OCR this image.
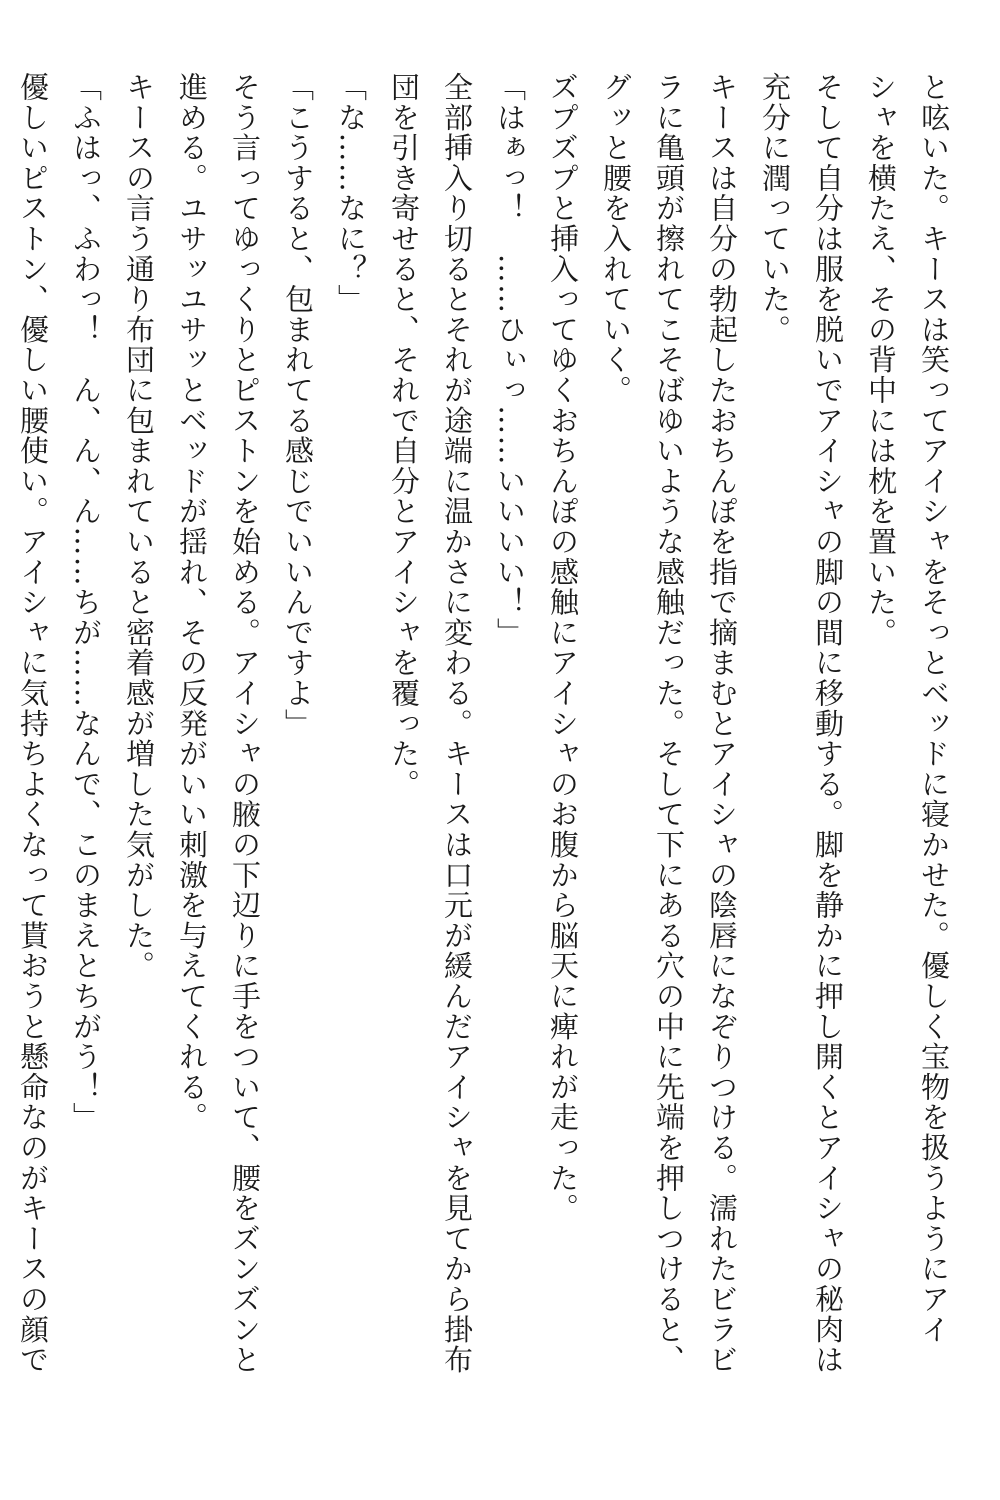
と呟いた。キースは笑ってアイシャをそっとベッドに寝かせた。優しく宝物を扱うようにアイ
シャを横たえ、その背中には枕を置いた。
そして自分は服を脱いでアイシャの脚の間に移動する。脚を静かに押し開くとアイシャの秘肉は
充分に潤っていた。
キースは自分の勃起したおちんぽを指で摘まむとアイシャの陰唇になぞりつける。濡れたビラビ
ラに亀頭が擦れてこそばゆいような感触だった。そして下にある穴の中に先端を押しつけると、
グッと腰を入れていく。
ズプズプと挿入ってゆくおちんぽの感触にアイシャのお腹から脳天に痺れが走った。
「はぁっ！　……ひぃっ……いいいい！」
全部挿入り切るとそれが途端に温かさに変わる。キースは口元が緩んだアイシャを見てから掛布
団を引き寄せると、それで自分とアイシャを覆った。
「な……なに？」
「こうすると、包まれてる感じでいいんですよ」
そう言ってゆっくりとピストンを始める。アイシャの腋の下辺りに手をついて、腰をズンズンと
進める。ユサッユサッとベッドが揺れ、その反発がいい刺激を与えてくれる。
キースの言う通り布団に包まれていると密着感が増した気がした。
「ふはっ、ふわっ！　ん、ん、ん……ちが……なんで、このまえとちがう！」
優しいピストン、優しい腰使い。アイシャに気持ちよくなって貰おうと懸命なのがキースの顔で
